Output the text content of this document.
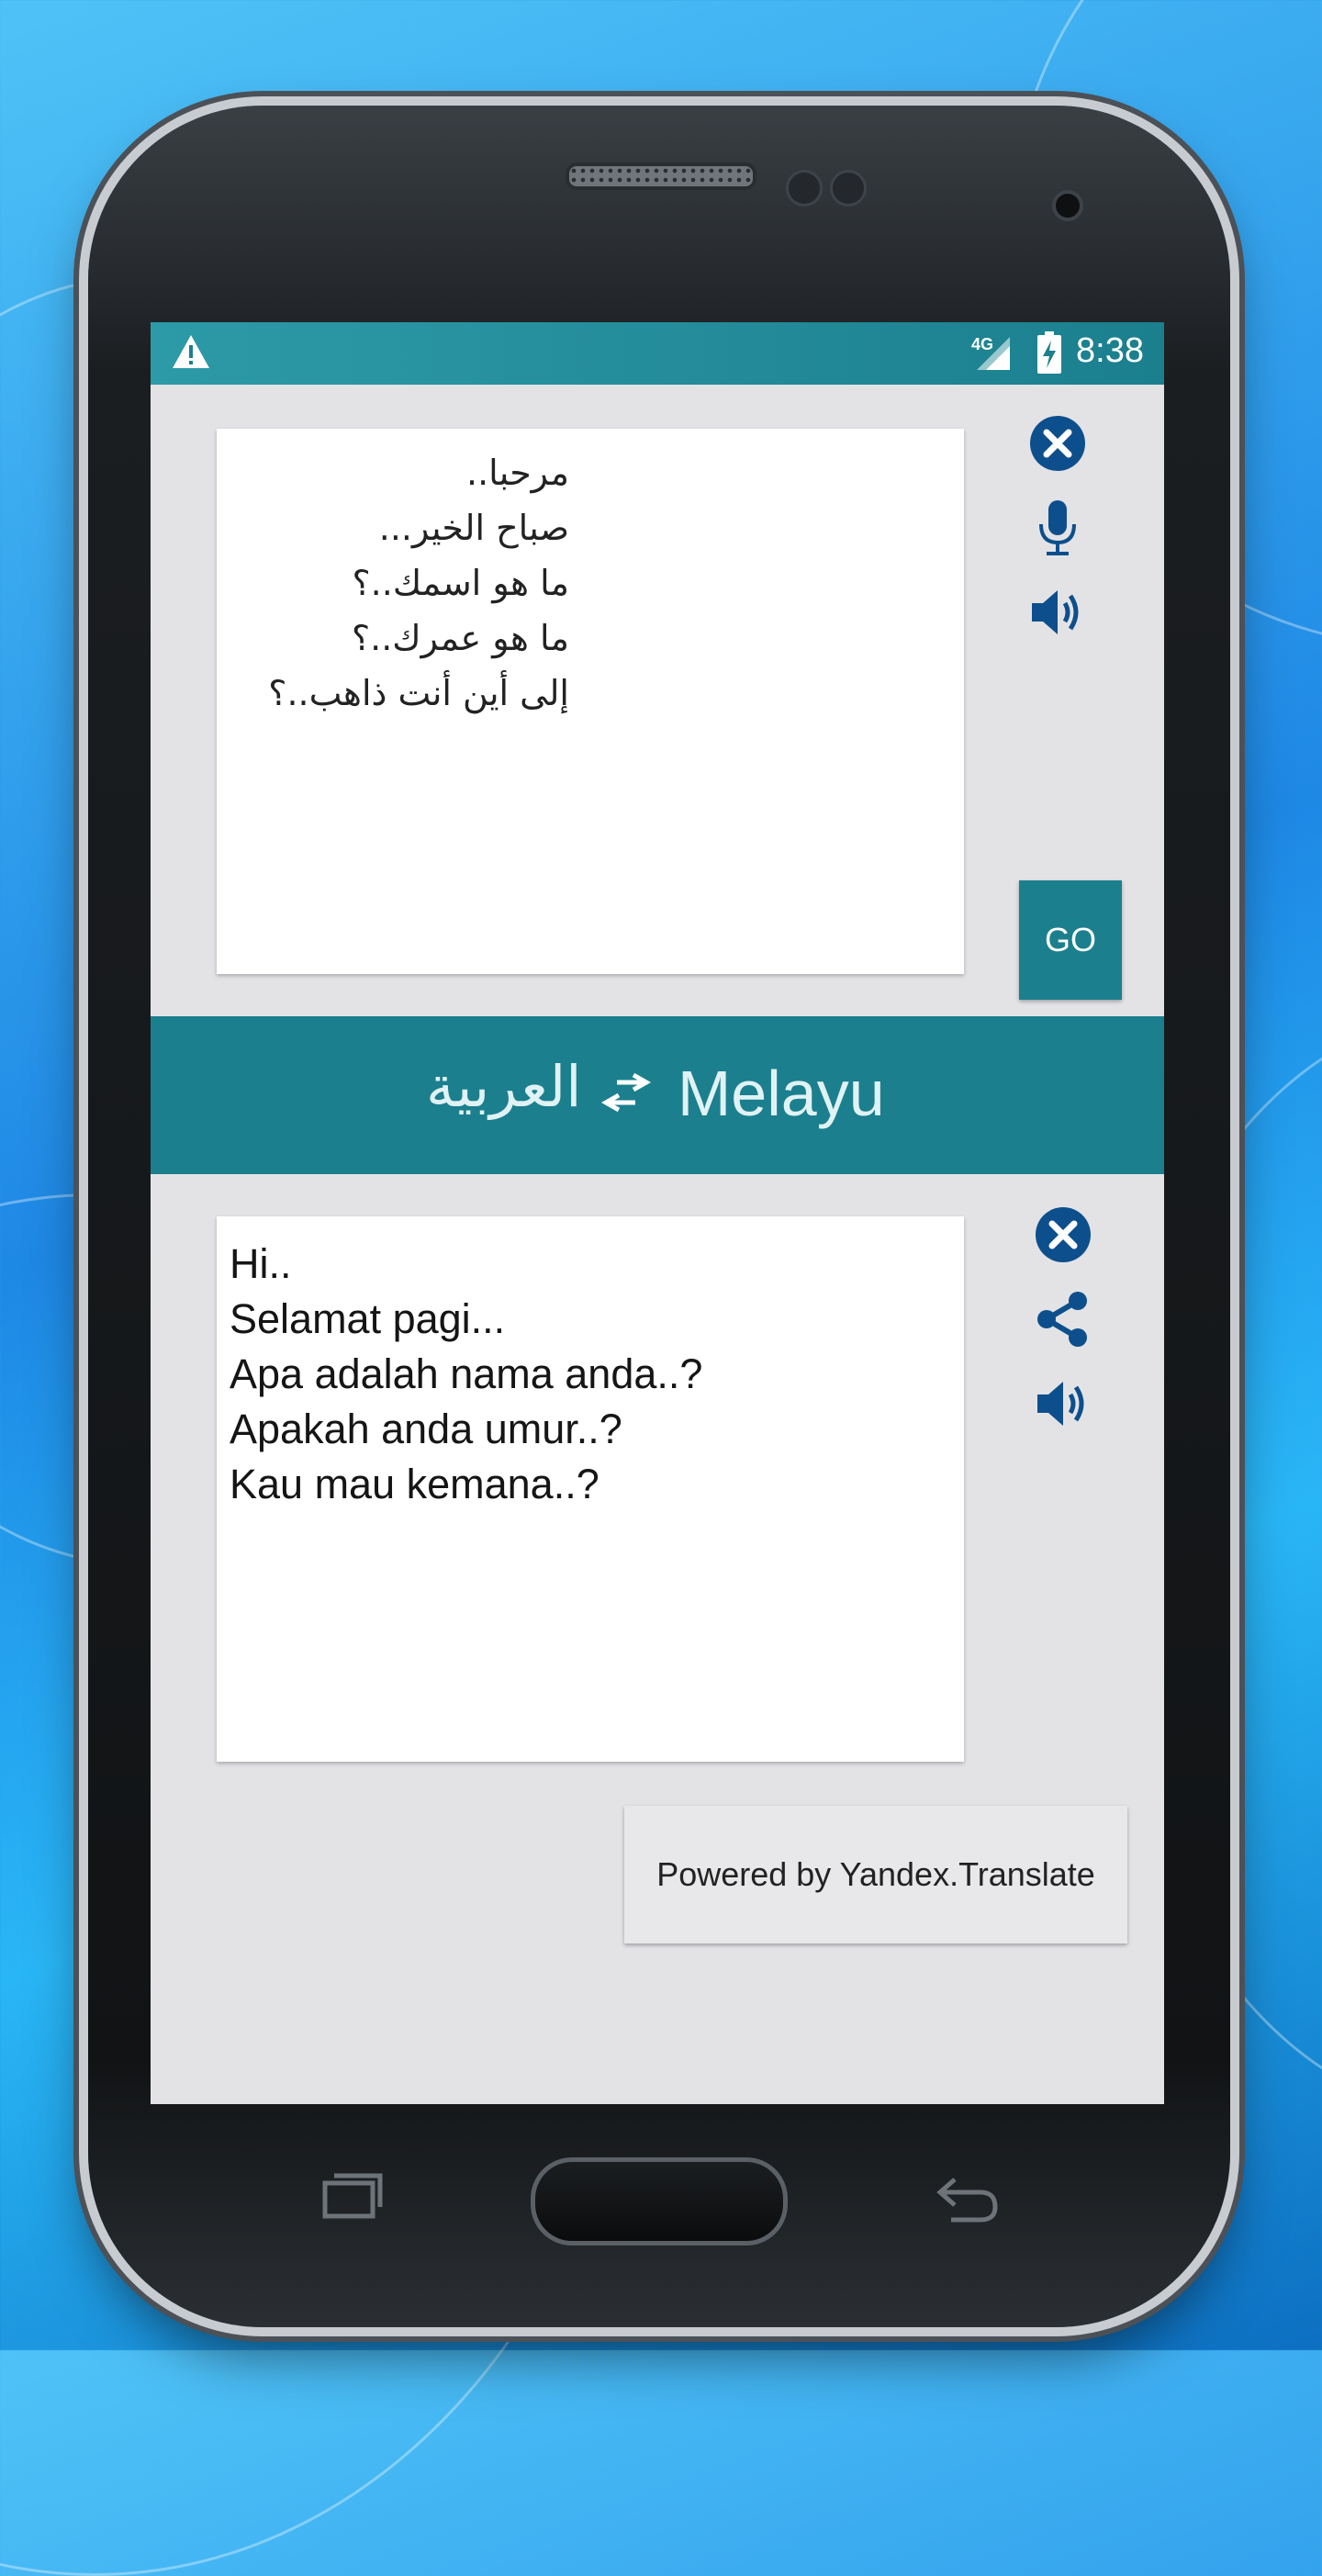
4G 8:38
مرحبا..
صباح الخير...
ما هو اسمك..؟
ما هو عمرك..؟
إلى أين أنت ذاهب..؟
GO
العربية Melayu
Hi..
Selamat pagi...
Apa adalah nama anda..?
Apakah anda umur..?
Kau mau kemana..?
Powered by Yandex.Translate
